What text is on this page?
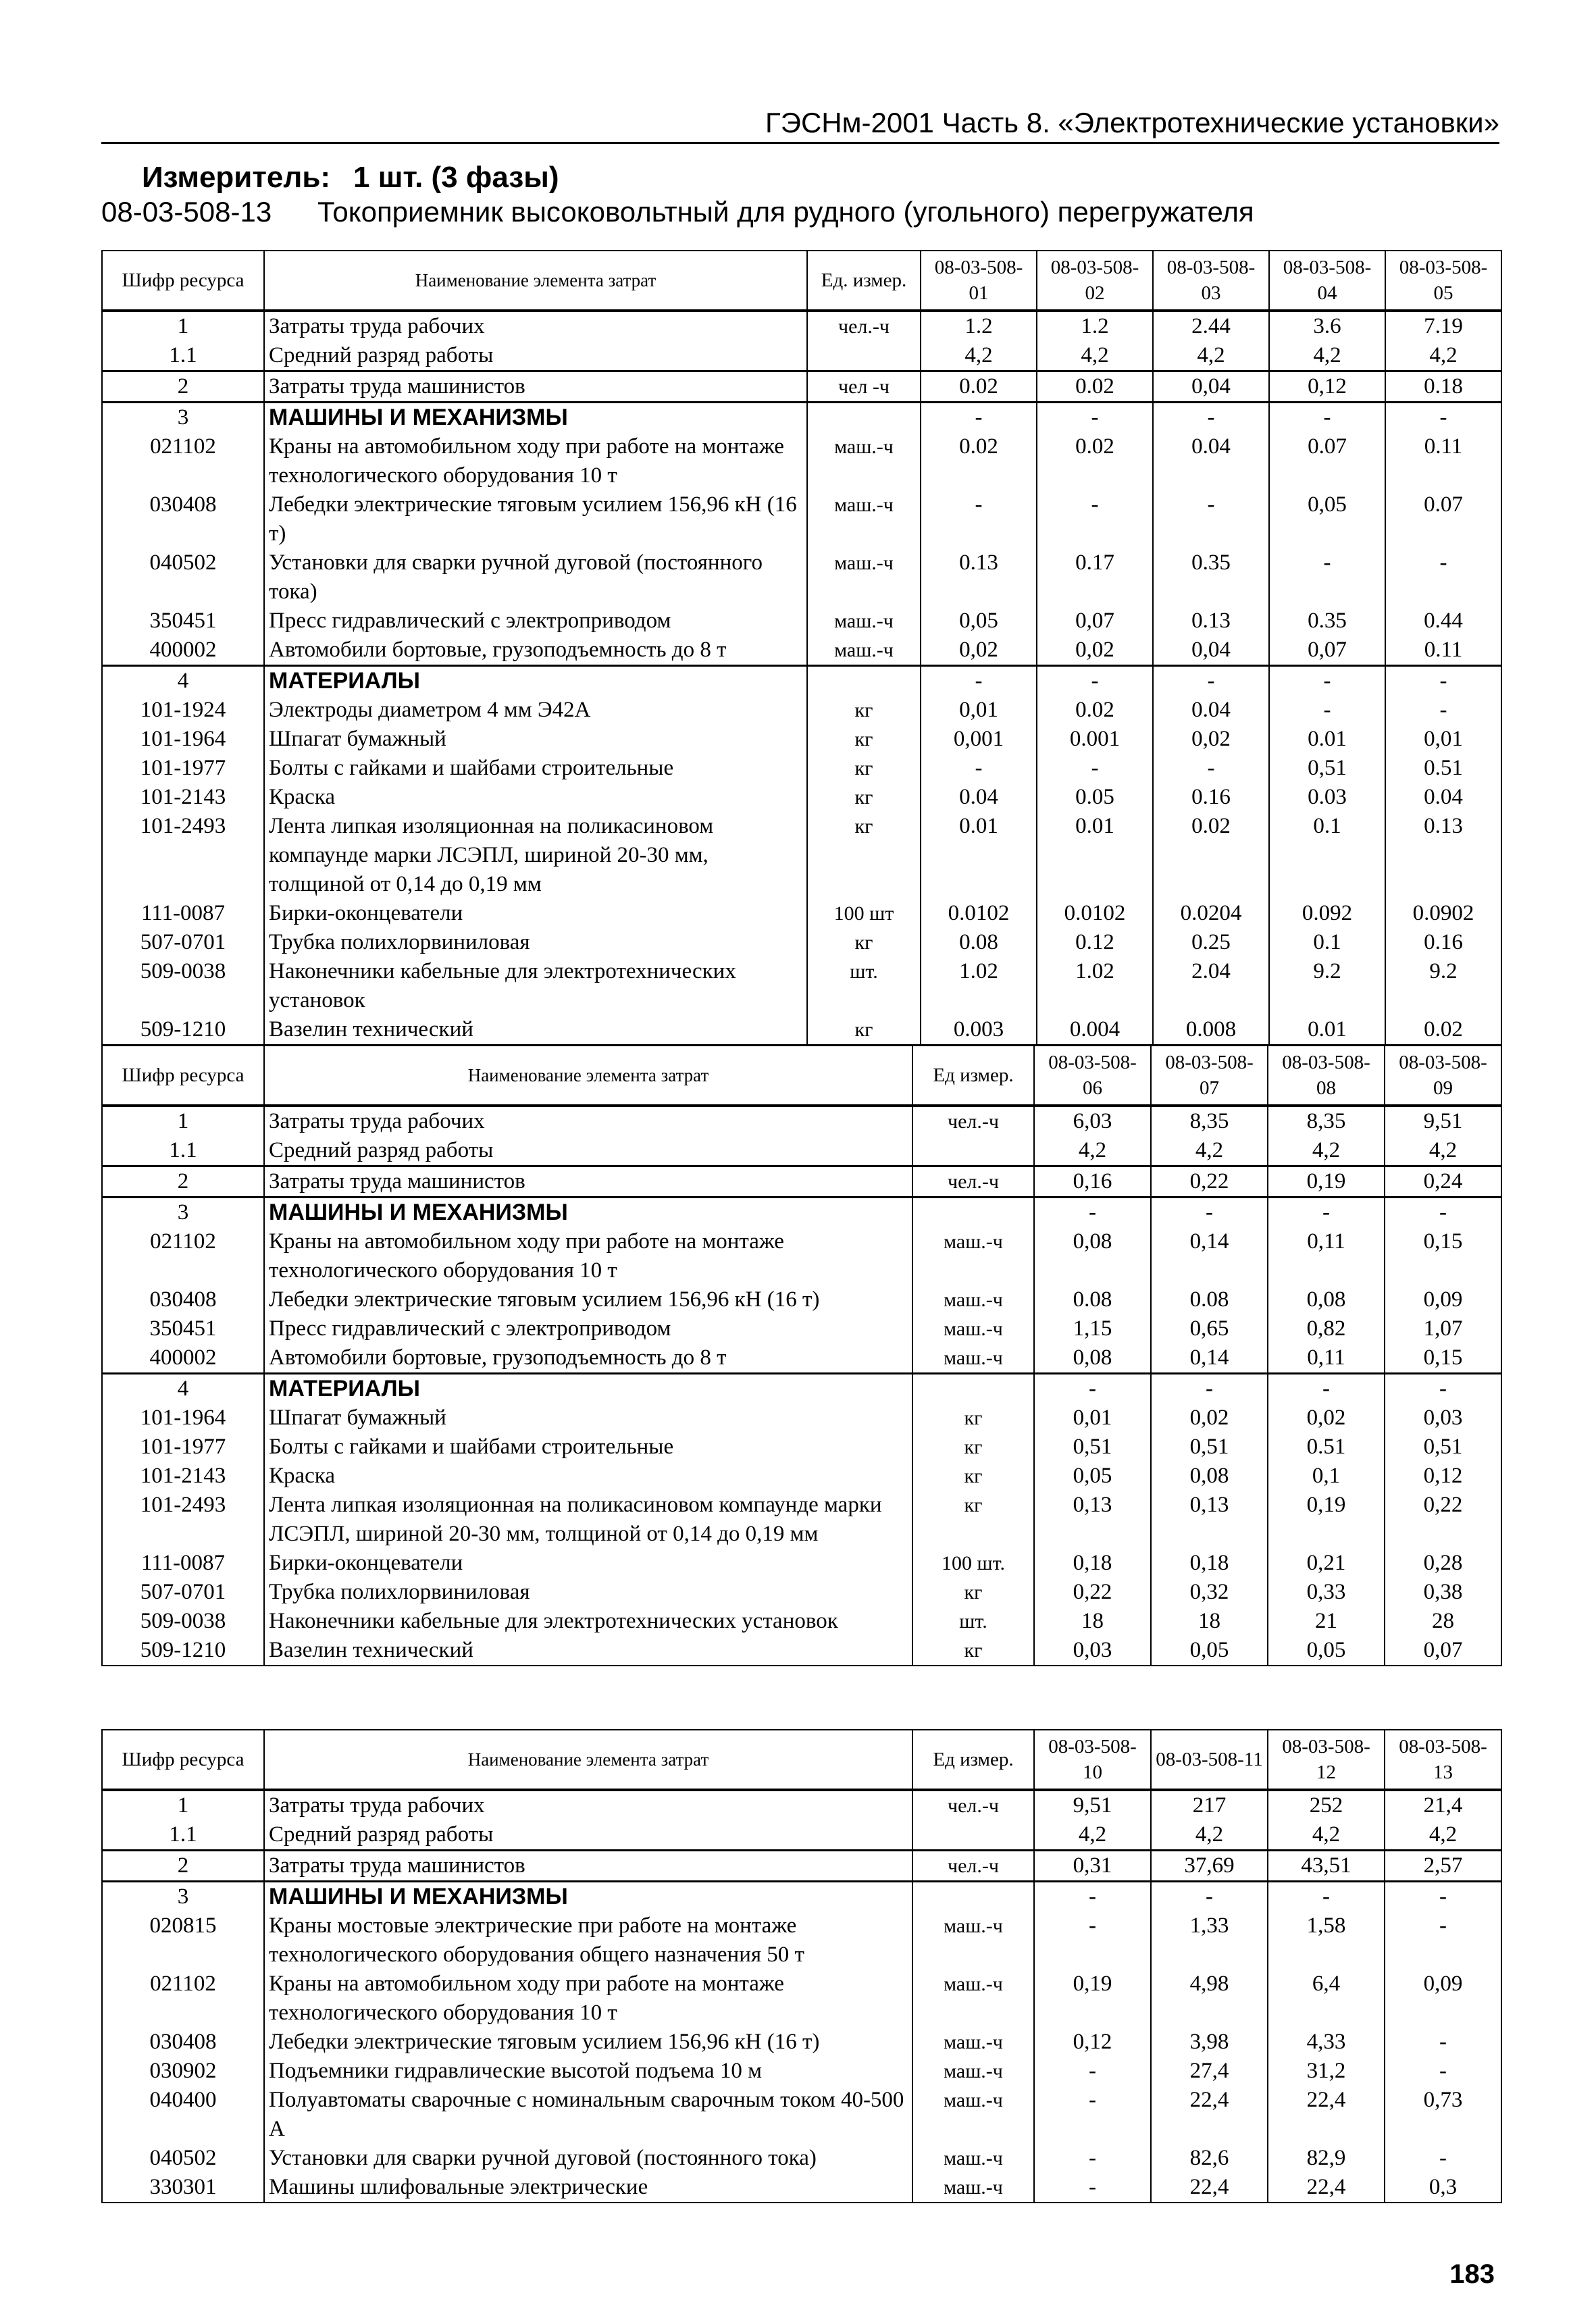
ГЭСНм-2001 Часть 8. «Электротехнические установки»
Измеритель: 1 шт. (3 фазы)
08-03-508-13 Токоприемник высоковольтный для рудного (угольного) перегружателя
Шифр ресурса	Наименование элемента затрат	Ед. измер.	08-03-508-01	08-03-508-02	08-03-508-03	08-03-508-04	08-03-508-05
1	Затраты труда рабочих	чел.-ч	1.2	1.2	2.44	3.6	7.19
1.1	Средний разряд работы		4,2	4,2	4,2	4,2	4,2
2	Затраты труда машинистов	чел -ч	0.02	0.02	0,04	0,12	0.18
3	МАШИНЫ И МЕХАНИЗМЫ		-	-	-	-	-
021102	Краны на автомобильном ходу при работе на монтаже технологического оборудования 10 т	маш.-ч	0.02	0.02	0.04	0.07	0.11
030408	Лебедки электрические тяговым усилием 156,96 кН (16 т)	маш.-ч	-	-	-	0,05	0.07
040502	Установки для сварки ручной дуговой (постоянного тока)	маш.-ч	0.13	0.17	0.35	-	-
350451	Пресс гидравлический с электроприводом	маш.-ч	0,05	0,07	0.13	0.35	0.44
400002	Автомобили бортовые, грузоподъемность до 8 т	маш.-ч	0,02	0,02	0,04	0,07	0.11
4	МАТЕРИАЛЫ		-	-	-	-	-
101-1924	Электроды диаметром 4 мм Э42А	кг	0,01	0.02	0.04	-	-
101-1964	Шпагат бумажный	кг	0,001	0.001	0,02	0.01	0,01
101-1977	Болты с гайками и шайбами строительные	кг	-	-	-	0,51	0.51
101-2143	Краска	кг	0.04	0.05	0.16	0.03	0.04
101-2493	Лента липкая изоляционная на поликасиновом компаунде марки ЛСЭПЛ, шириной 20-30 мм, толщиной от 0,14 до 0,19 мм	кг	0.01	0.01	0.02	0.1	0.13
111-0087	Бирки-оконцеватели	100 шт	0.0102	0.0102	0.0204	0.092	0.0902
507-0701	Трубка полихлорвиниловая	кг	0.08	0.12	0.25	0.1	0.16
509-0038	Наконечники кабельные для электротехнических установок	шт.	1.02	1.02	2.04	9.2	9.2
509-1210	Вазелин технический	кг	0.003	0.004	0.008	0.01	0.02
Шифр ресурса	Наименование элемента затрат	Ед измер.	08-03-508-06	08-03-508-07	08-03-508-08	08-03-508-09
1	Затраты труда рабочих	чел.-ч	6,03	8,35	8,35	9,51
1.1	Средний разряд работы		4,2	4,2	4,2	4,2
2	Затраты труда машинистов	чел.-ч	0,16	0,22	0,19	0,24
3	МАШИНЫ И МЕХАНИЗМЫ		-	-	-	-
021102	Краны на автомобильном ходу при работе на монтаже технологического оборудования 10 т	маш.-ч	0,08	0,14	0,11	0,15
030408	Лебедки электрические тяговым усилием 156,96 кН (16 т)	маш.-ч	0.08	0.08	0,08	0,09
350451	Пресс гидравлический с электроприводом	маш.-ч	1,15	0,65	0,82	1,07
400002	Автомобили бортовые, грузоподъемность до 8 т	маш.-ч	0,08	0,14	0,11	0,15
4	МАТЕРИАЛЫ		-	-	-	-
101-1964	Шпагат бумажный	кг	0,01	0,02	0,02	0,03
101-1977	Болты с гайками и шайбами строительные	кг	0,51	0,51	0.51	0,51
101-2143	Краска	кг	0,05	0,08	0,1	0,12
101-2493	Лента липкая изоляционная на поликасиновом компаунде марки ЛСЭПЛ, шириной 20-30 мм, толщиной от 0,14 до 0,19 мм	кг	0,13	0,13	0,19	0,22
111-0087	Бирки-оконцеватели	100 шт.	0,18	0,18	0,21	0,28
507-0701	Трубка полихлорвиниловая	кг	0,22	0,32	0,33	0,38
509-0038	Наконечники кабельные для электротехнических установок	шт.	18	18	21	28
509-1210	Вазелин технический	кг	0,03	0,05	0,05	0,07
Шифр ресурса	Наименование элемента затрат	Ед измер.	08-03-508-10	08-03-508-11	08-03-508-12	08-03-508-13
1	Затраты труда рабочих	чел.-ч	9,51	217	252	21,4
1.1	Средний разряд работы		4,2	4,2	4,2	4,2
2	Затраты труда машинистов	чел.-ч	0,31	37,69	43,51	2,57
3	МАШИНЫ И МЕХАНИЗМЫ		-	-	-	-
020815	Краны мостовые электрические при работе на монтаже технологического оборудования общего назначения 50 т	маш.-ч	-	1,33	1,58	-
021102	Краны на автомобильном ходу при работе на монтаже технологического оборудования 10 т	маш.-ч	0,19	4,98	6,4	0,09
030408	Лебедки электрические тяговым усилием 156,96 кН (16 т)	маш.-ч	0,12	3,98	4,33	-
030902	Подъемники гидравлические высотой подъема 10 м	маш.-ч	-	27,4	31,2	-
040400	Полуавтоматы сварочные с номинальным сварочным током 40-500 А	маш.-ч	-	22,4	22,4	0,73
040502	Установки для сварки ручной дуговой (постоянного тока)	маш.-ч	-	82,6	82,9	-
330301	Машины шлифовальные электрические	маш.-ч	-	22,4	22,4	0,3
183
